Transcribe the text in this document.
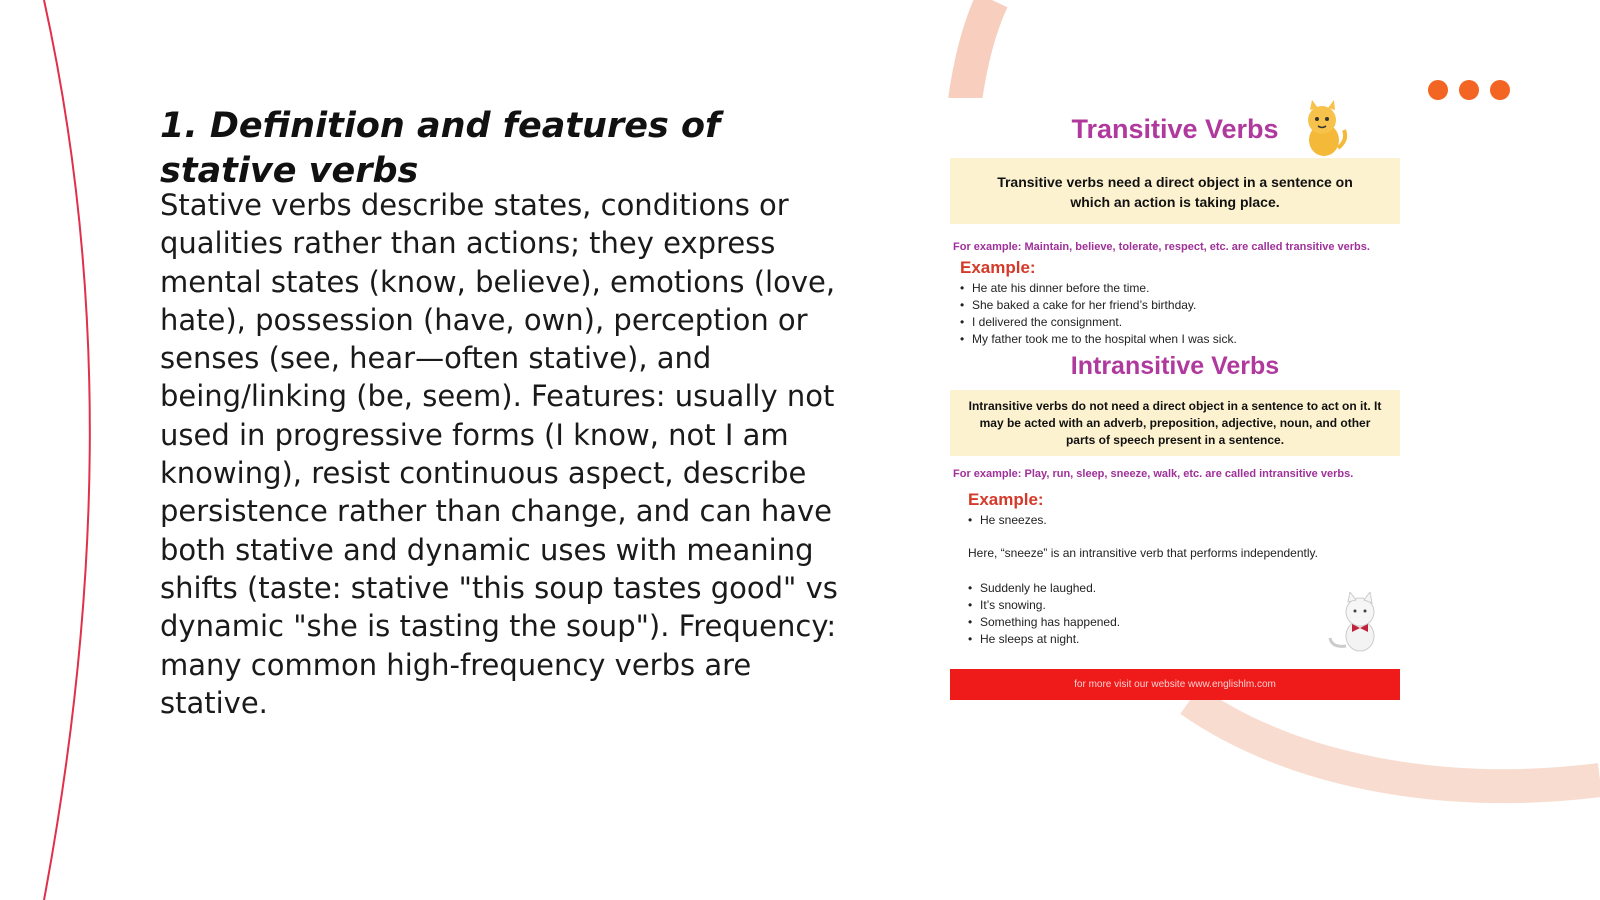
1. Definition and features of stative verbs

Stative verbs describe states, conditions or qualities rather than actions; they express mental states (know, believe), emotions (love, hate), possession (have, own), perception or senses (see, hear—often stative), and being/linking (be, seem). Features: usually not used in progressive forms (I know, not I am knowing), resist continuous aspect, describe persistence rather than change, and can have both stative and dynamic uses with meaning shifts (taste: stative "this soup tastes good" vs dynamic "she is tasting the soup"). Frequency: many common high-frequency verbs are stative.

Transitive Verbs
Transitive verbs need a direct object in a sentence on which an action is taking place.
For example: Maintain, believe, tolerate, respect, etc. are called transitive verbs.
Example:
• He ate his dinner before the time.
• She baked a cake for her friend’s birthday.
• I delivered the consignment.
• My father took me to the hospital when I was sick.
Intransitive Verbs
Intransitive verbs do not need a direct object in a sentence to act on it. It may be acted with an adverb, preposition, adjective, noun, and other parts of speech present in a sentence.
For example: Play, run, sleep, sneeze, walk, etc. are called intransitive verbs.
Example:
• He sneezes.
Here, “sneeze” is an intransitive verb that performs independently.
• Suddenly he laughed.
• It’s snowing.
• Something has happened.
• He sleeps at night.
for more visit our website www.englishlm.com
